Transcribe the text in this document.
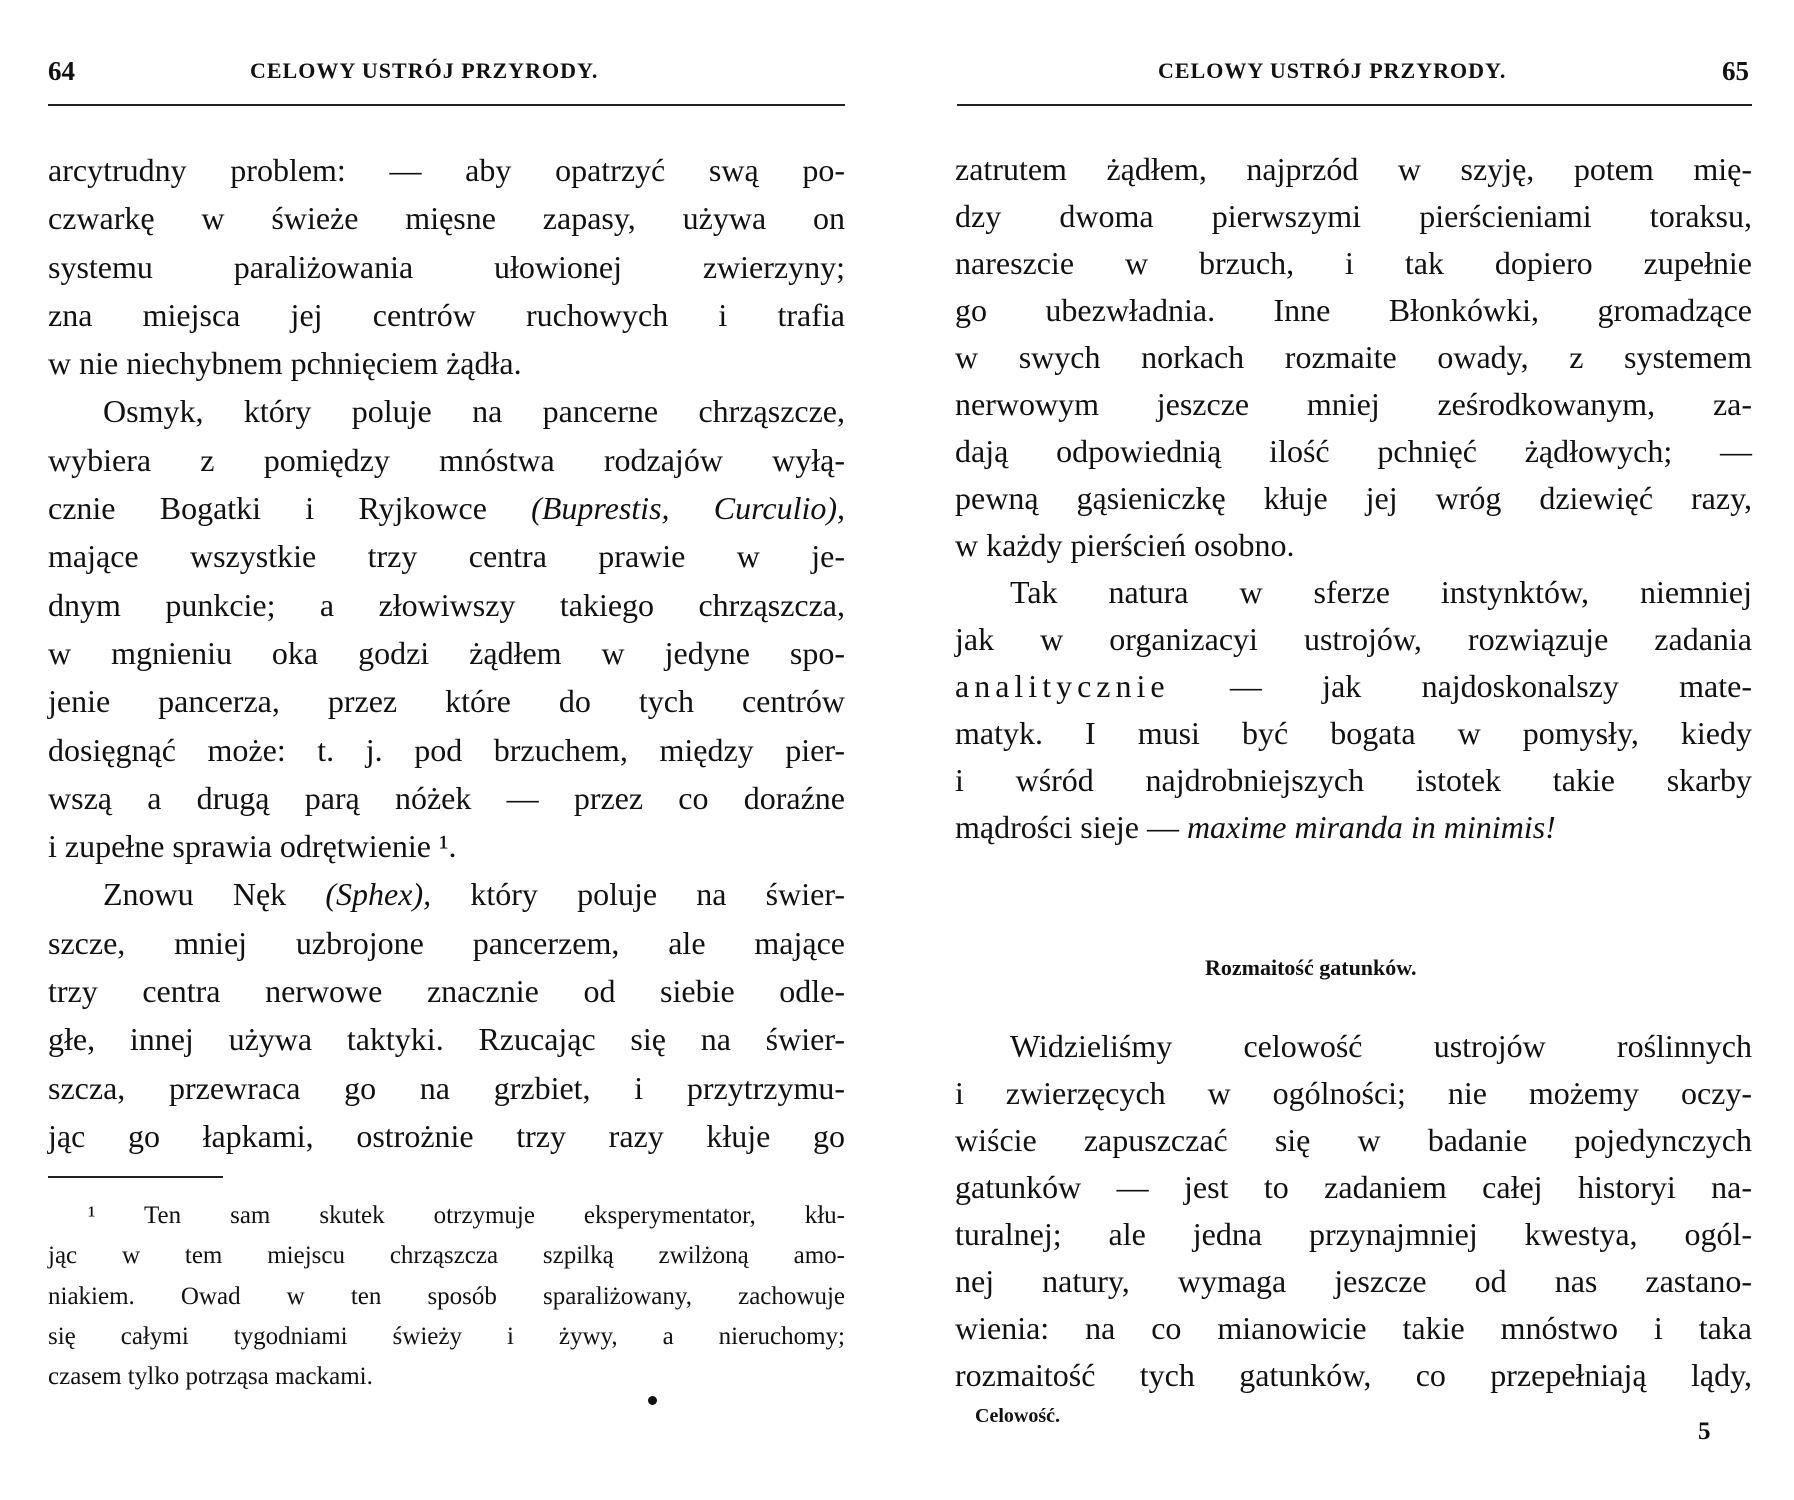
64	CELOWY USTRÓJ PRZYRODY.
arcytrudny problem: — aby opatrzyć swą po-
czwarkę w świeże mięsne zapasy, używa on
systemu paraliżowania ułowionej zwierzyny;
zna miejsca jej centrów ruchowych i trafia
w nie niechybnem pchnięciem żądła.
Osmyk, który poluje na pancerne chrząszcze,
wybiera z pomiędzy mnóstwa rodzajów wyłą-
cznie Bogatki i Ryjkowce (Buprestis, Curculio),
mające wszystkie trzy centra prawie w je-
dnym punkcie; a złowiwszy takiego chrząszcza,
w mgnieniu oka godzi żądłem w jedyne spo-
jenie pancerza, przez które do tych centrów
dosięgnąć może: t. j. pod brzuchem, między pier-
wszą a drugą parą nóżek — przez co doraźne
i zupełne sprawia odrętwienie ¹.
Znowu Nęk (Sphex), który poluje na świer-
szcze, mniej uzbrojone pancerzem, ale mające
trzy centra nerwowe znacznie od siebie odle-
głe, innej używa taktyki. Rzucając się na świer-
szcza, przewraca go na grzbiet, i przytrzymu-
jąc go łapkami, ostrożnie trzy razy kłuje go
¹ Ten sam skutek otrzymuje eksperymentator, kłu-
jąc w tem miejscu chrząszcza szpilką zwilżoną amo-
niakiem. Owad w ten sposób sparaliżowany, zachowuje
się całymi tygodniami świeży i żywy, a nieruchomy;
czasem tylko potrząsa mackami.
CELOWY USTRÓJ PRZYRODY.	65
zatrutem żądłem, najprzód w szyję, potem mię-
dzy dwoma pierwszymi pierścieniami toraksu,
nareszcie w brzuch, i tak dopiero zupełnie
go ubezwładnia. Inne Błonkówki, gromadzące
w swych norkach rozmaite owady, z systemem
nerwowym jeszcze mniej ześrodkowanym, za-
dają odpowiednią ilość pchnięć żądłowych; —
pewną gąsieniczkę kłuje jej wróg dziewięć razy,
w każdy pierścień osobno.
Tak natura w sferze instynktów, niemniej
jak w organizacyi ustrojów, rozwiązuje zadania
analitycznie — jak najdoskonalszy mate-
matyk. I musi być bogata w pomysły, kiedy
i wśród najdrobniejszych istotek takie skarby
mądrości sieje — maxime miranda in minimis!
Rozmaitość gatunków.
Widzieliśmy celowość ustrojów roślinnych
i zwierzęcych w ogólności; nie możemy oczy-
wiście zapuszczać się w badanie pojedynczych
gatunków — jest to zadaniem całej historyi na-
turalnej; ale jedna przynajmniej kwestya, ogól-
nej natury, wymaga jeszcze od nas zastano-
wienia: na co mianowicie takie mnóstwo i taka
rozmaitość tych gatunków, co przepełniają lądy,
Celowość.
5
